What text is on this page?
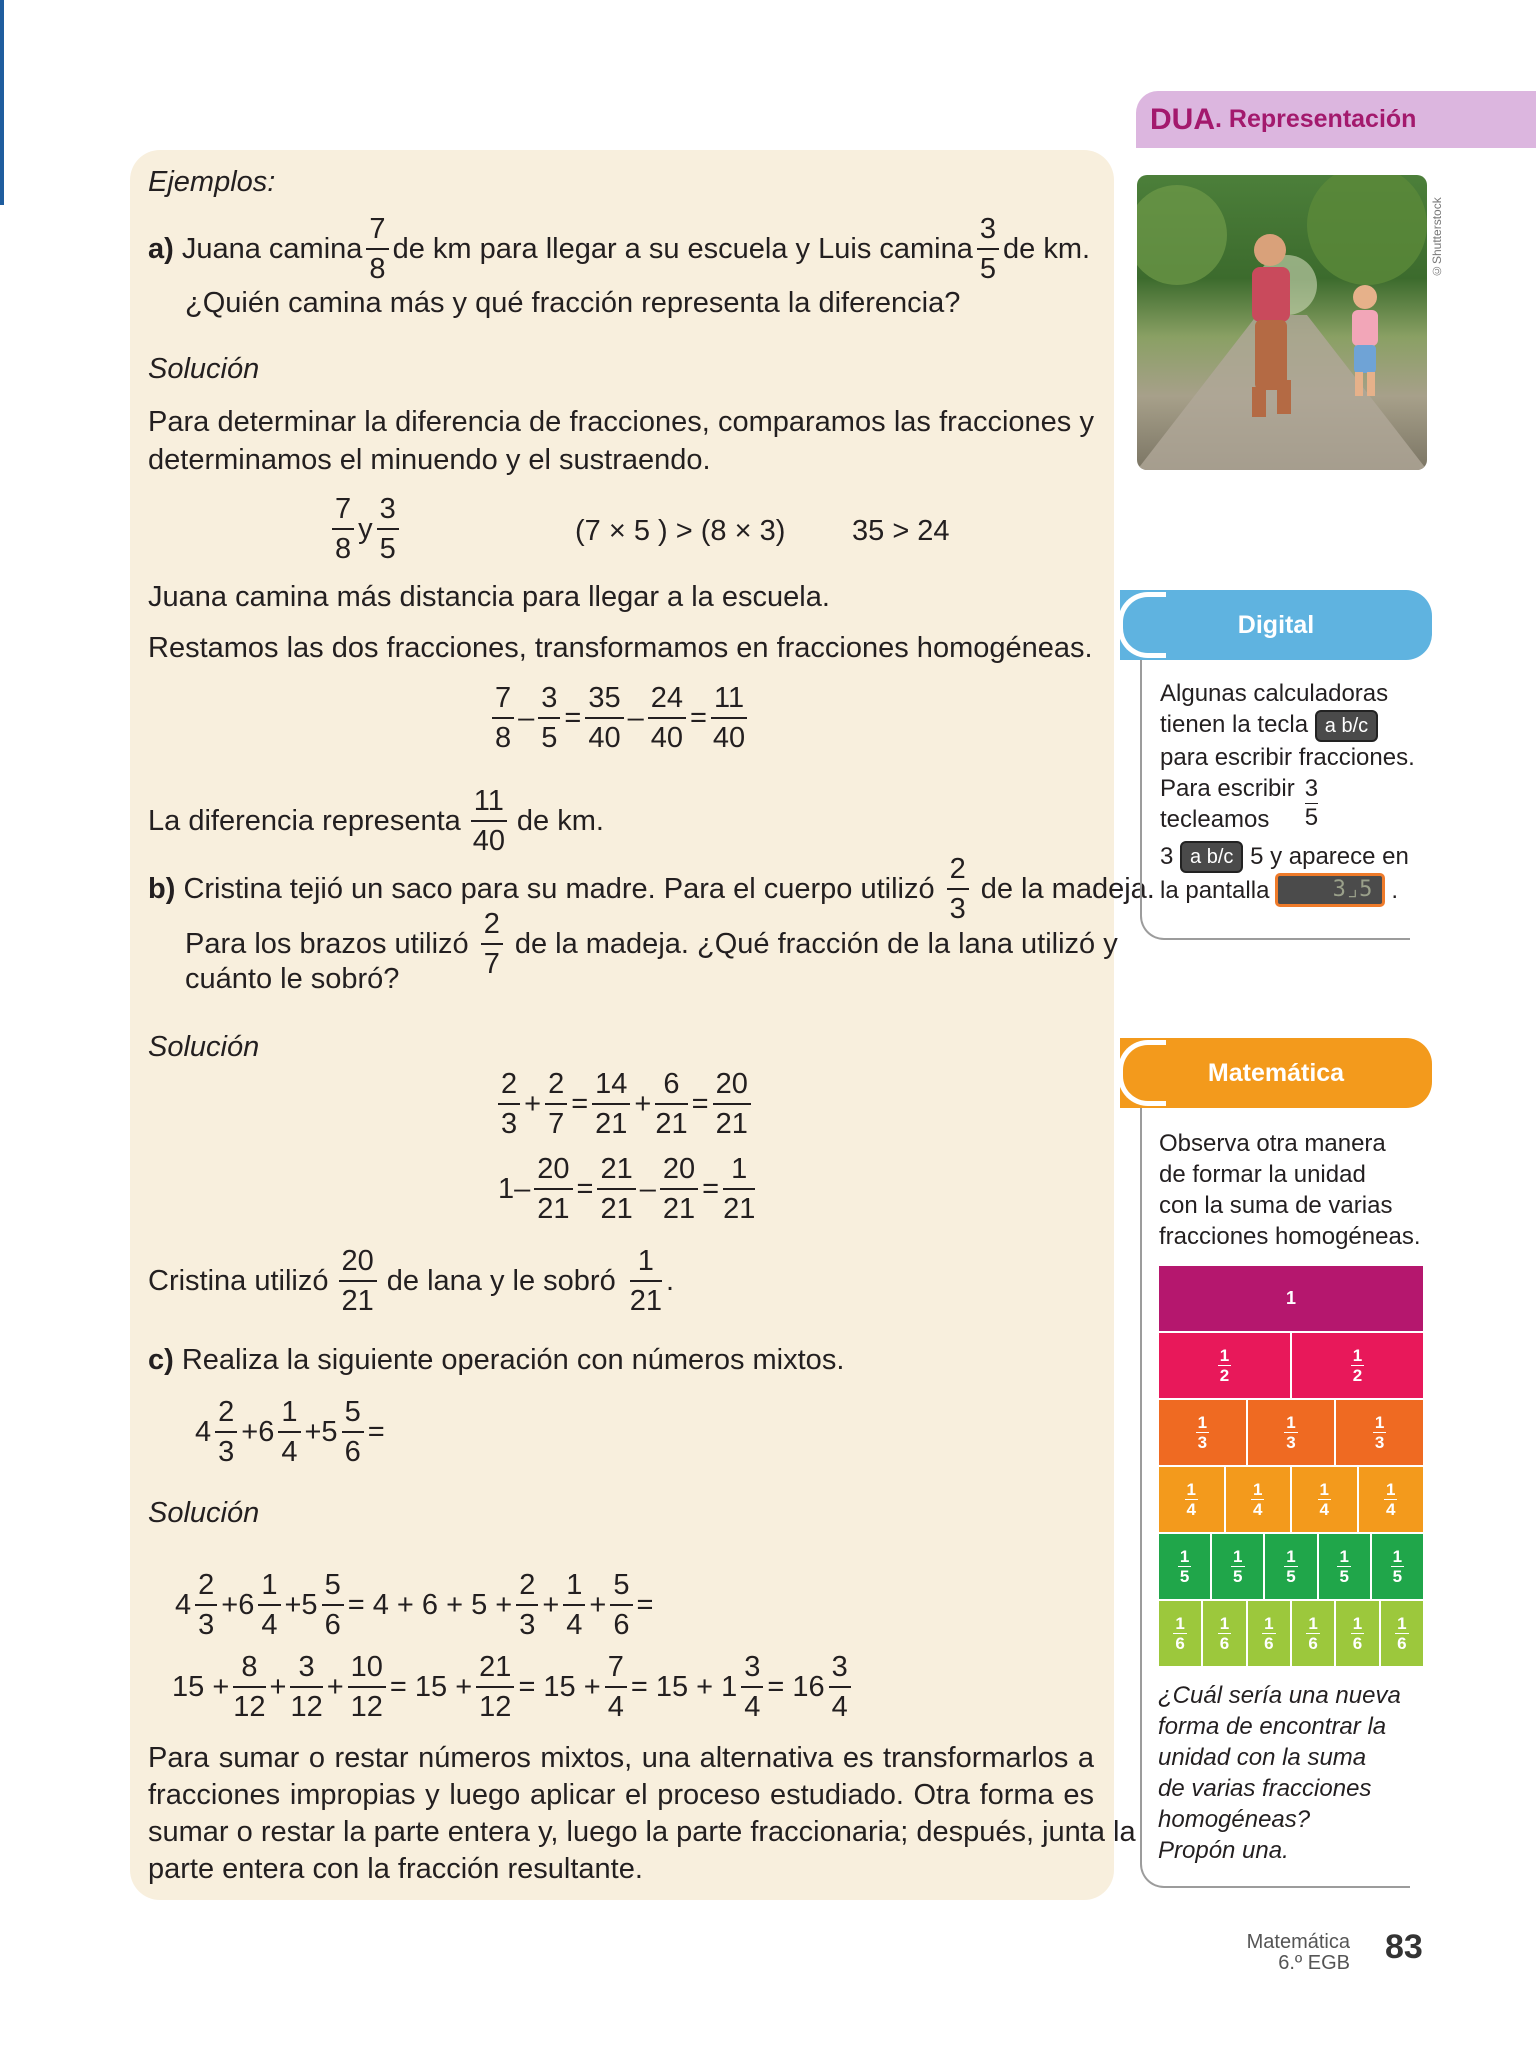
Ejemplos:
a)
Juana camina
7
8
de km para llegar a su escuela y Luis camina
3
5
de km.
¿Quién camina más y qué fracción representa la diferencia?
Solución
Para determinar la diferencia de fracciones, comparamos las fracciones y
determinamos el minuendo y el sustraendo.
7
8
y
3
5
(7 × 5 ) > (8 × 3) 35 > 24
Juana camina más distancia para llegar a la escuela.
Restamos las dos fracciones, transformamos en fracciones homogéneas.
7
8
–
3
5
=
35
40
–
24
40
=
11
40
La diferencia representa
11
40
de km.
b)
Cristina tejió un saco para su madre. Para el cuerpo utilizó
2
3
de la madeja.
Para los brazos utilizó
2
7
de la madeja. ¿Qué fracción de la lana utilizó y
cuánto le sobró?
Solución
2
3
+
2
7
=
14
21
+
6
21
=
20
21
1–
20
21
=
21
21
–
20
21
=
1
21
Cristina utilizó
20
21
de lana y le sobró
1
21
.
c) Realiza la siguiente operación con números mixtos.
4
2
3
+6
1
4
+5
5
6
=
Solución
4
2
3
+6
1
4
+5
5
6
= 4 + 6 + 5 +
2
3
+
1
4
+
5
6
=
15 +
8
12
+
3
12
+
10
12
= 15 +
21
12
= 15 +
7
4
= 15 + 1
3
4
= 16
3
4
Para sumar o restar números mixtos, una alternativa es transformarlos a
fracciones impropias y luego aplicar el proceso estudiado. Otra forma es
sumar o restar la parte entera y, luego la parte fraccionaria; después, junta la
parte entera con la fracción resultante.
DUA . Representación
©Shutterstock
Digital
Algunas calculadoras
tienen la tecla a b/c
para escribir fracciones.
Para escribir
tecleamos
3
5
3 a b/c 5 y aparece en
la pantalla	3⌟5 .
Matemática
Observa otra manera
de formar la unidad
con la suma de varias
fracciones homogéneas.
1
1
2
1
2
1
3
1
3
1
3
1
4
1
4
1
4
1
4
1
5
1
5
1
5
1
5
1
5
1
6
1
6
1
6
1
6
1
6
1
6
¿Cuál sería una nueva
forma de encontrar la
unidad con la suma
de varias fracciones
homogéneas?
Propón una.
Matemática
6.º EGB 83
